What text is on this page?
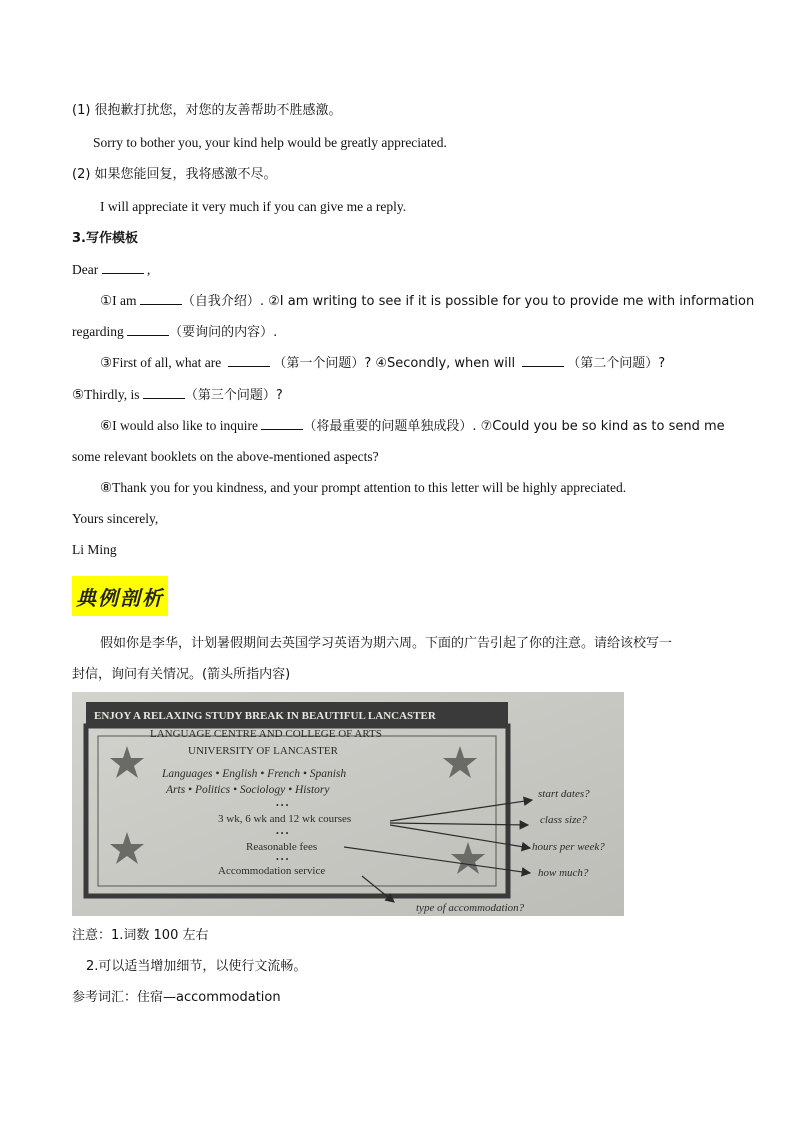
(1) 很抱歉打扰您，对您的友善帮助不胜感激。
Sorry to bother you, your kind help would be greatly appreciated.
(2) 如果您能回复，我将感激不尽。
I will appreciate it very much if you can give me a reply.
3.写作模板
Dear	,
①I am	（自我介绍）. ②I am writing to see if it is possible for you to provide me with information
regarding	（要询问的内容）.
③First of all, what are	（第一个问题）? ④Secondly, when will	（第二个问题）?
⑤Thirdly, is	（第三个问题）?
⑥I would also like to inquire	（将最重要的问题单独成段）. ⑦Could you be so kind as to send me
some relevant booklets on the above-mentioned aspects?
⑧Thank you for you kindness, and your prompt attention to this letter will be highly appreciated.
Yours sincerely,
Li Ming
典例剖析
假如你是李华，计划暑假期间去英国学习英语为期六周。下面的广告引起了你的注意。请给该校写一
封信，询问有关情况。(箭头所指内容)
ENJOY A RELAXING STUDY BREAK IN BEAUTIFUL LANCASTER
LANGUAGE CENTRE AND COLLEGE OF ARTS
UNIVERSITY OF LANCASTER
Languages • English • French • Spanish
Arts • Politics • Sociology • History
• • •
3 wk, 6 wk and 12 wk courses
• • •
Reasonable fees
• • •
Accommodation service
start dates?
class size?
hours per week?
how much?
type of accommodation?
注意：1.词数 100 左右
2.可以适当增加细节，以使行文流畅。
参考词汇：住宿—accommodation
